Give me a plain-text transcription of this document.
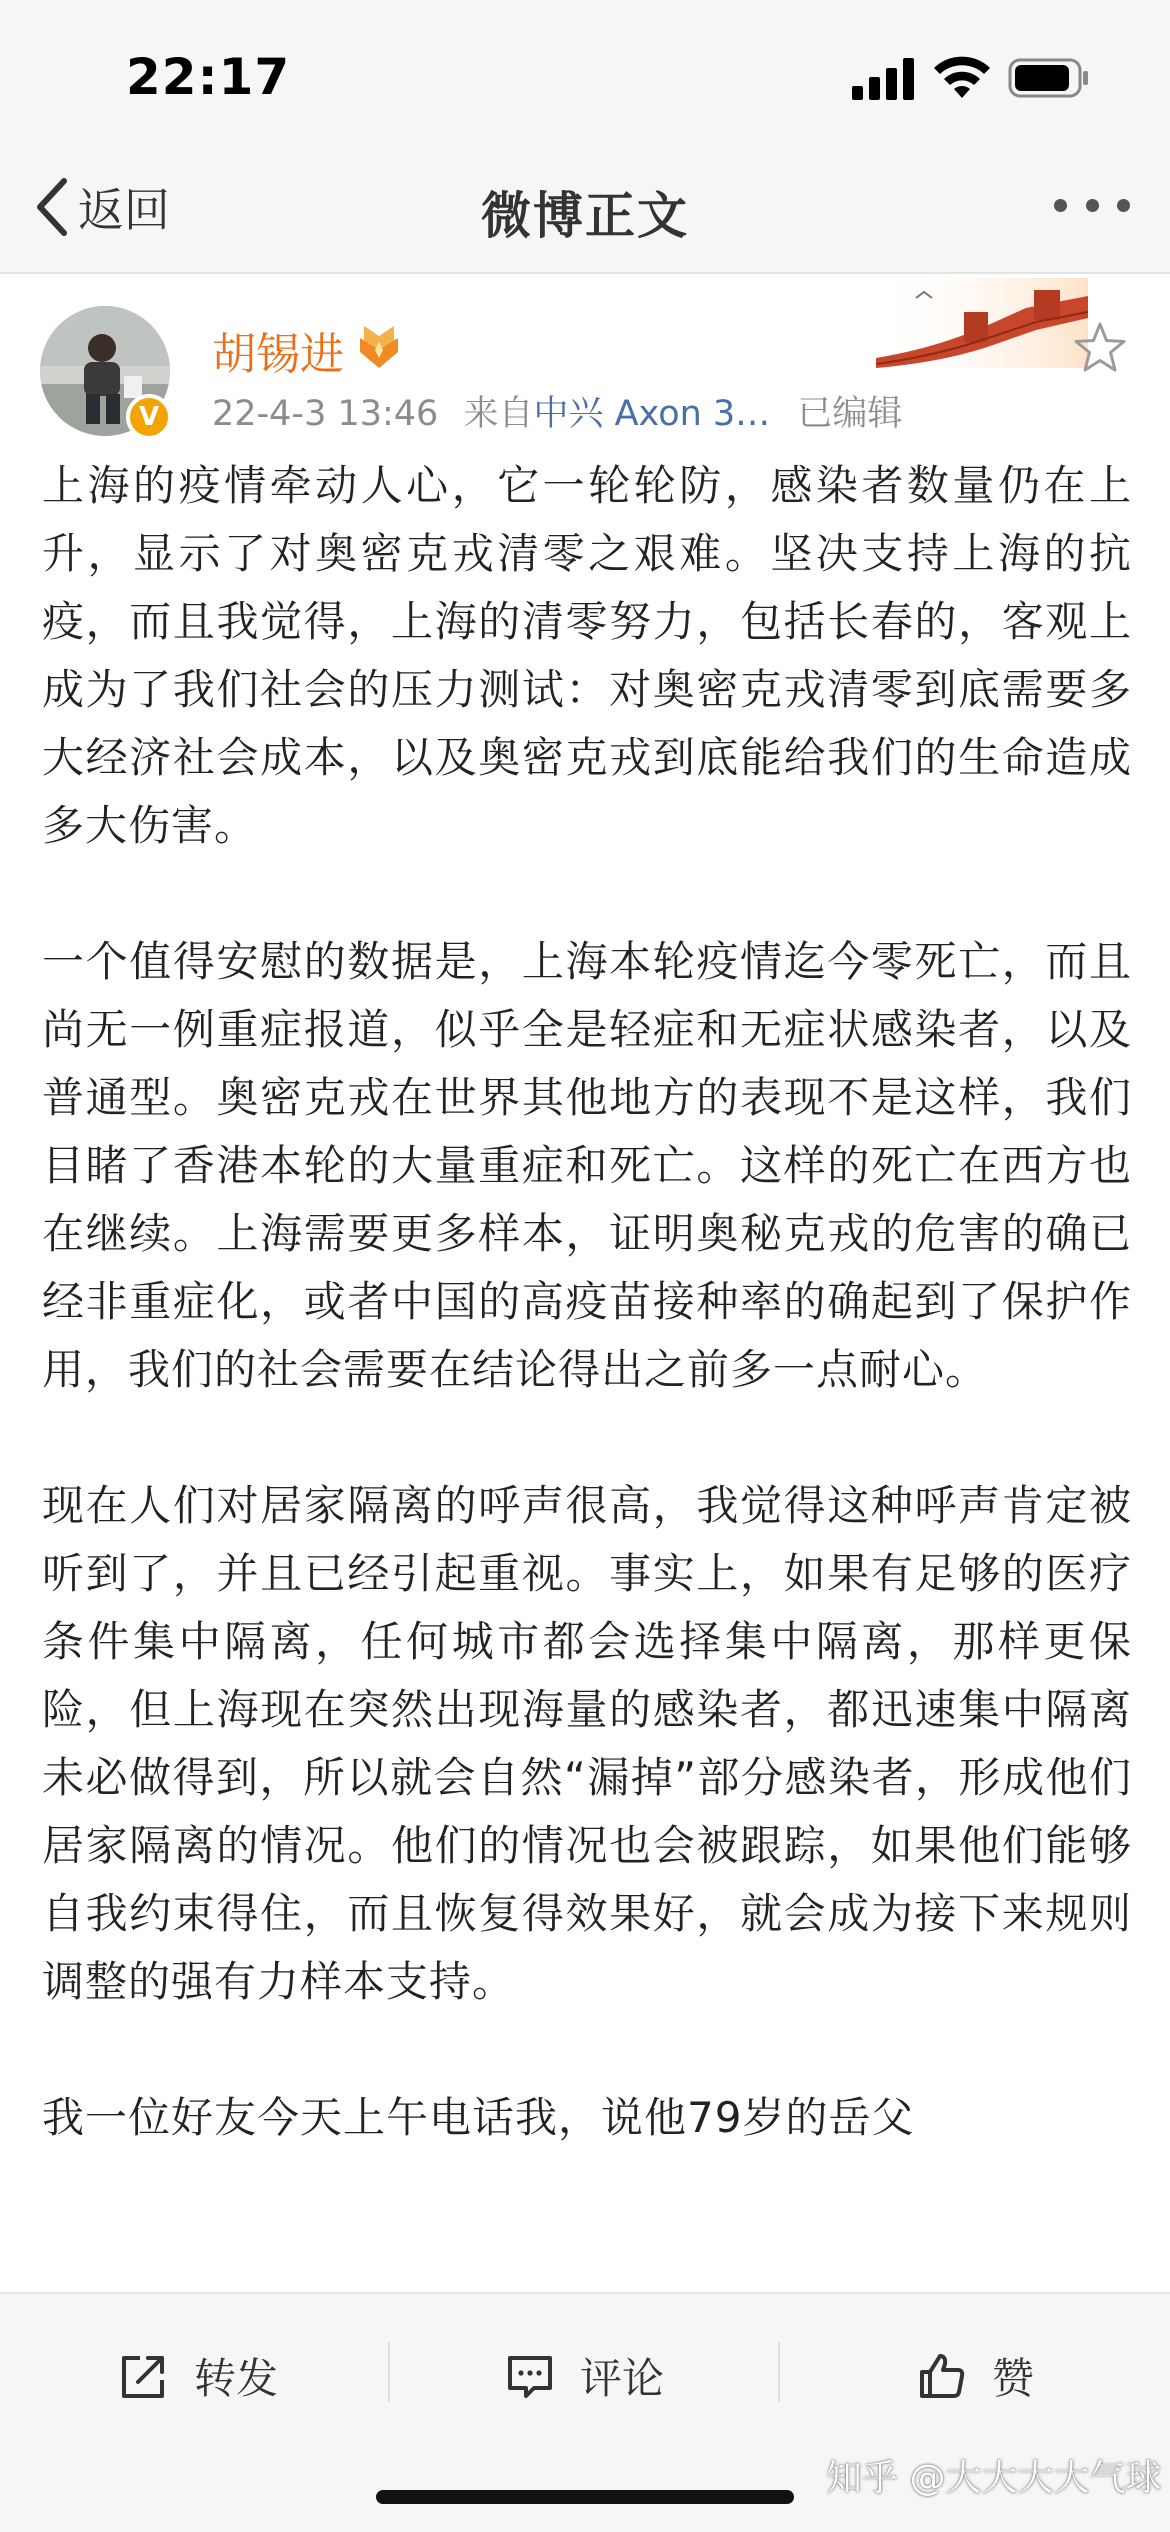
22:17
返回	微博正文
V
胡锡进
22-4-3 13:46 来自中兴 Axon 3… 已编辑

上海的疫情牵动人心，它一轮轮防，感染者数量仍在上升，显示了对奥密克戎清零之艰难。坚决支持上海的抗疫，而且我觉得，上海的清零努力，包括长春的，客观上成为了我们社会的压力测试：对奥密克戎清零到底需要多大经济社会成本，以及奥密克戎到底能给我们的生命造成多大伤害。

一个值得安慰的数据是，上海本轮疫情迄今零死亡，而且尚无一例重症报道，似乎全是轻症和无症状感染者，以及普通型。奥密克戎在世界其他地方的表现不是这样，我们目睹了香港本轮的大量重症和死亡。这样的死亡在西方也在继续。上海需要更多样本，证明奥秘克戎的危害的确已经非重症化，或者中国的高疫苗接种率的确起到了保护作用，我们的社会需要在结论得出之前多一点耐心。

现在人们对居家隔离的呼声很高，我觉得这种呼声肯定被听到了，并且已经引起重视。事实上，如果有足够的医疗条件集中隔离，任何城市都会选择集中隔离，那样更保险，但上海现在突然出现海量的感染者，都迅速集中隔离未必做得到，所以就会自然“漏掉”部分感染者，形成他们居家隔离的情况。他们的情况也会被跟踪，如果他们能够自我约束得住，而且恢复得效果好，就会成为接下来规则调整的强有力样本支持。

我一位好友今天上午电话我，说他79岁的岳父

转发	评论	赞
知乎 @大大大大气球
